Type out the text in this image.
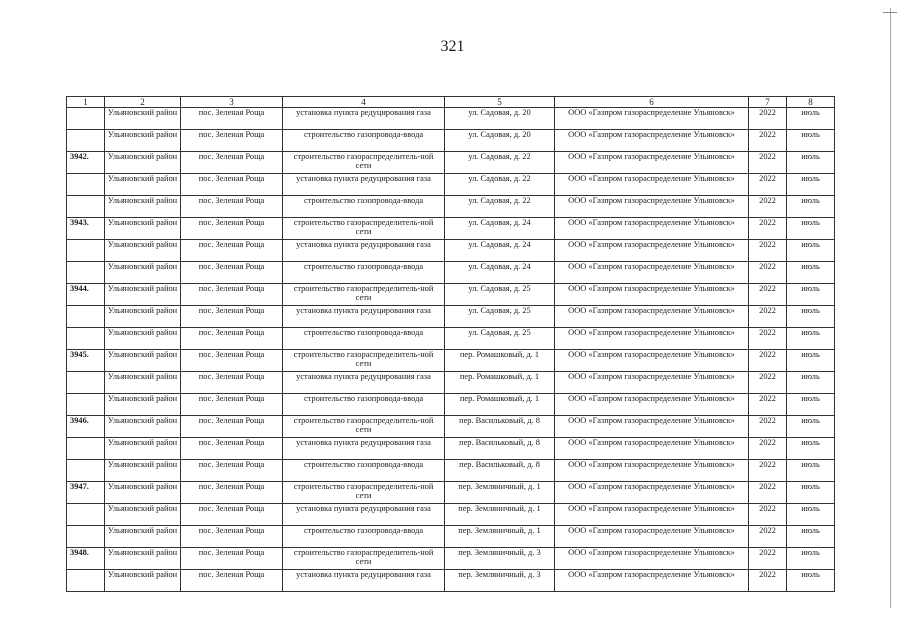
321
1	2	3	4	5	6	7	8
	Ульяновский район	пос. Зеленая Роща	установка пункта редуцирования газа	ул. Садовая, д. 20	ООО «Газпром газораспределение Ульяновск»	2022	июль
	Ульяновский район	пос. Зеленая Роща	строительство газопровода-ввода	ул. Садовая, д. 20	ООО «Газпром газораспределение Ульяновск»	2022	июль
3942.	Ульяновский район	пос. Зеленая Роща	строительство газораспределитель-ной сети	ул. Садовая, д. 22	ООО «Газпром газораспределение Ульяновск»	2022	июль
	Ульяновский район	пос. Зеленая Роща	установка пункта редуцирования газа	ул. Садовая, д. 22	ООО «Газпром газораспределение Ульяновск»	2022	июль
	Ульяновский район	пос. Зеленая Роща	строительство газопровода-ввода	ул. Садовая, д. 22	ООО «Газпром газораспределение Ульяновск»	2022	июль
3943.	Ульяновский район	пос. Зеленая Роща	строительство газораспределитель-ной сети	ул. Садовая, д. 24	ООО «Газпром газораспределение Ульяновск»	2022	июль
	Ульяновский район	пос. Зеленая Роща	установка пункта редуцирования газа	ул. Садовая, д. 24	ООО «Газпром газораспределение Ульяновск»	2022	июль
	Ульяновский район	пос. Зеленая Роща	строительство газопровода-ввода	ул. Садовая, д. 24	ООО «Газпром газораспределение Ульяновск»	2022	июль
3944.	Ульяновский район	пос. Зеленая Роща	строительство газораспределитель-ной сети	ул. Садовая, д. 25	ООО «Газпром газораспределение Ульяновск»	2022	июль
	Ульяновский район	пос. Зеленая Роща	установка пункта редуцирования газа	ул. Садовая, д. 25	ООО «Газпром газораспределение Ульяновск»	2022	июль
	Ульяновский район	пос. Зеленая Роща	строительство газопровода-ввода	ул. Садовая, д. 25	ООО «Газпром газораспределение Ульяновск»	2022	июль
3945.	Ульяновский район	пос. Зеленая Роща	строительство газораспределитель-ной сети	пер. Ромашковый, д. 1	ООО «Газпром газораспределение Ульяновск»	2022	июль
	Ульяновский район	пос. Зеленая Роща	установка пункта редуцирования газа	пер. Ромашковый, д. 1	ООО «Газпром газораспределение Ульяновск»	2022	июль
	Ульяновский район	пос. Зеленая Роща	строительство газопровода-ввода	пер. Ромашковый, д. 1	ООО «Газпром газораспределение Ульяновск»	2022	июль
3946.	Ульяновский район	пос. Зеленая Роща	строительство газораспределитель-ной сети	пер. Васильковый, д. 8	ООО «Газпром газораспределение Ульяновск»	2022	июль
	Ульяновский район	пос. Зеленая Роща	установка пункта редуцирования газа	пер. Васильковый, д. 8	ООО «Газпром газораспределение Ульяновск»	2022	июль
	Ульяновский район	пос. Зеленая Роща	строительство газопровода-ввода	пер. Васильковый, д. 8	ООО «Газпром газораспределение Ульяновск»	2022	июль
3947.	Ульяновский район	пос. Зеленая Роща	строительство газораспределитель-ной сети	пер. Земляничный, д. 1	ООО «Газпром газораспределение Ульяновск»	2022	июль
	Ульяновский район	пос. Зеленая Роща	установка пункта редуцирования газа	пер. Земляничный, д. 1	ООО «Газпром газораспределение Ульяновск»	2022	июль
	Ульяновский район	пос. Зеленая Роща	строительство газопровода-ввода	пер. Земляничный, д. 1	ООО «Газпром газораспределение Ульяновск»	2022	июль
3948.	Ульяновский район	пос. Зеленая Роща	строительство газораспределитель-ной сети	пер. Земляничный, д. 3	ООО «Газпром газораспределение Ульяновск»	2022	июль
	Ульяновский район	пос. Зеленая Роща	установка пункта редуцирования газа	пер. Земляничный, д. 3	ООО «Газпром газораспределение Ульяновск»	2022	июль
